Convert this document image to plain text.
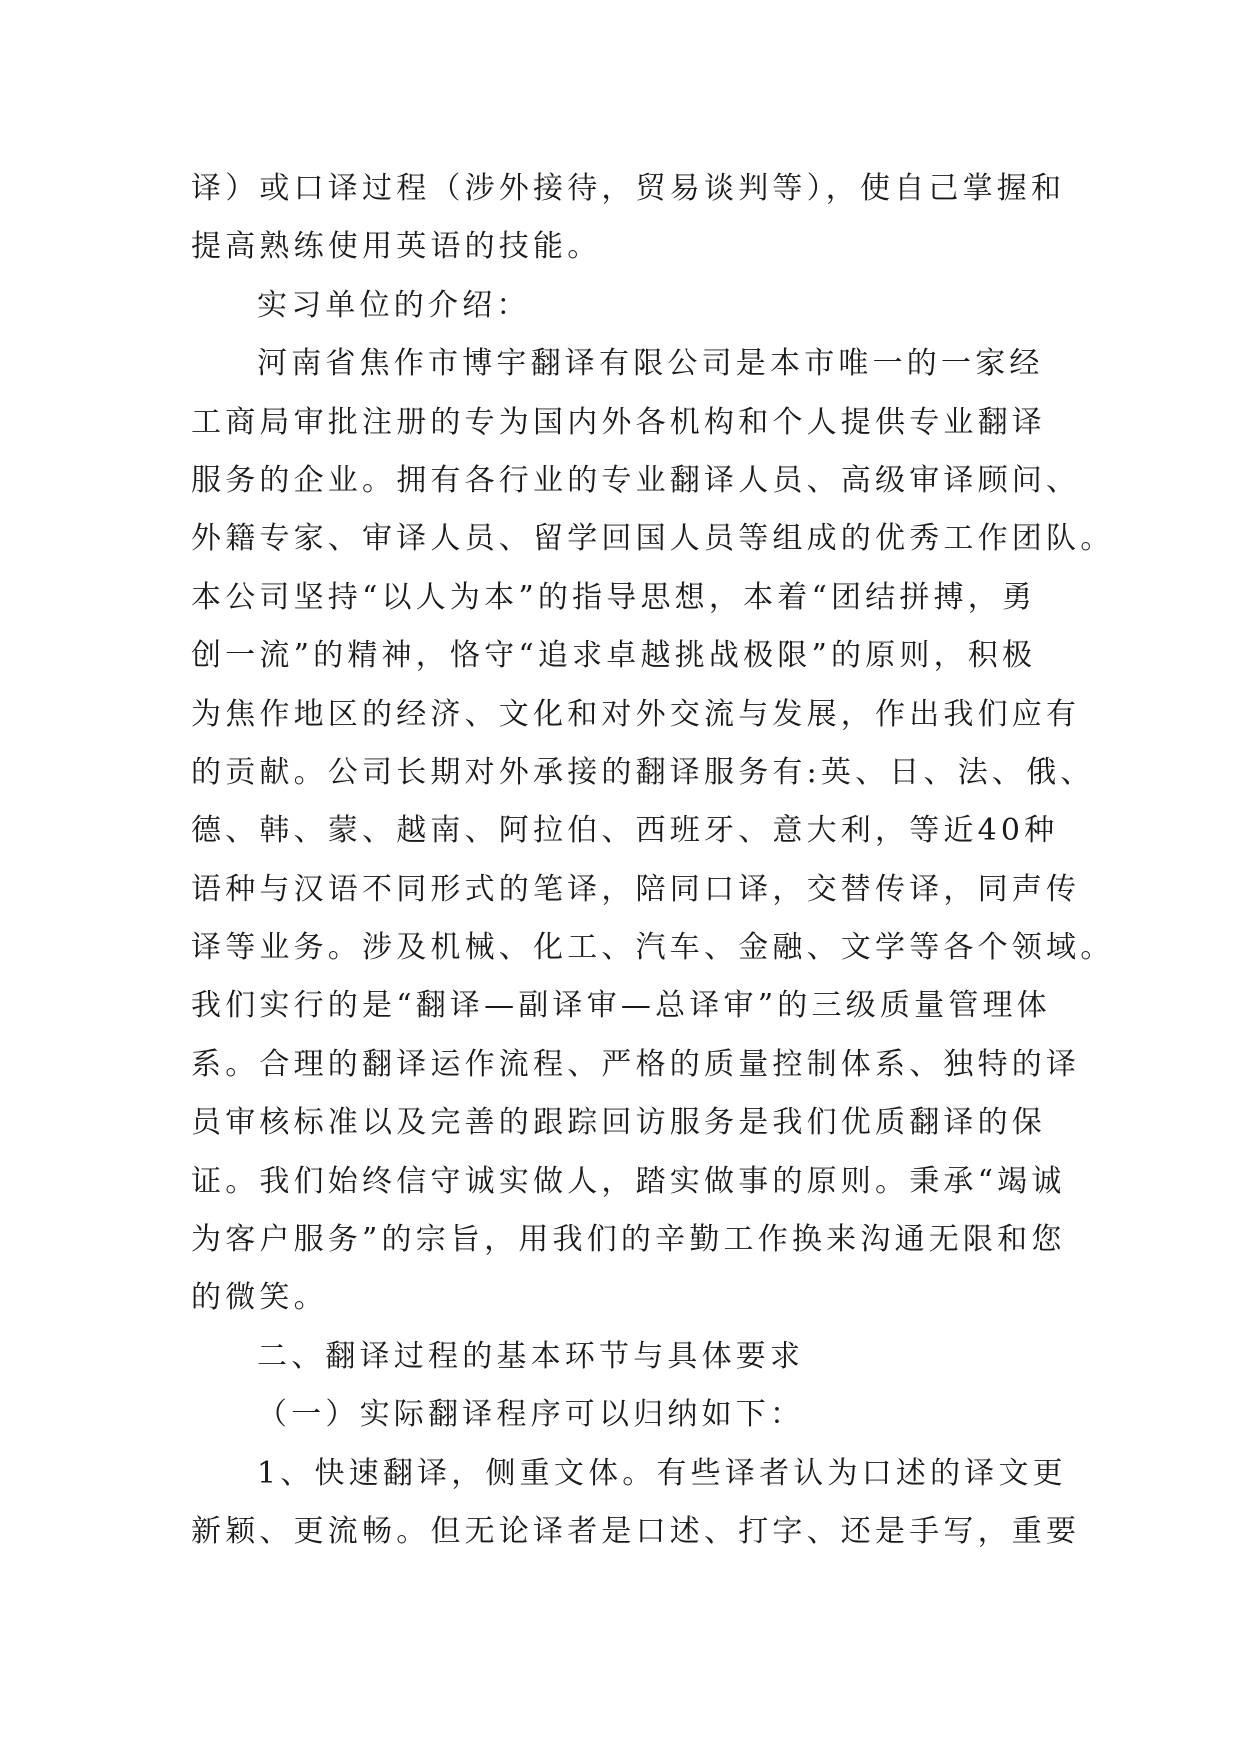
译）或口译过程（涉外接待，贸易谈判等），使自己掌握和
提高熟练使用英语的技能。
实习单位的介绍：
河南省焦作市博宇翻译有限公司是本市唯一的一家经
工商局审批注册的专为国内外各机构和个人提供专业翻译
服务的企业。拥有各行业的专业翻译人员、高级审译顾问、
外籍专家、审译人员、留学回国人员等组成的优秀工作团队。
本公司坚持“以人为本”的指导思想，本着“团结拼搏，勇
创一流”的精神，恪守“追求卓越挑战极限”的原则，积极
为焦作地区的经济、文化和对外交流与发展，作出我们应有
的贡献。公司长期对外承接的翻译服务有:英、日、法、俄、
德、韩、蒙、越南、阿拉伯、西班牙、意大利，等近40种
语种与汉语不同形式的笔译，陪同口译，交替传译，同声传
译等业务。涉及机械、化工、汽车、金融、文学等各个领域。
我们实行的是“翻译—副译审—总译审”的三级质量管理体
系。合理的翻译运作流程、严格的质量控制体系、独特的译
员审核标准以及完善的跟踪回访服务是我们优质翻译的保
证。我们始终信守诚实做人，踏实做事的原则。秉承“竭诚
为客户服务”的宗旨，用我们的辛勤工作换来沟通无限和您
的微笑。
二、翻译过程的基本环节与具体要求
（一）实际翻译程序可以归纳如下：
1、快速翻译，侧重文体。有些译者认为口述的译文更
新颖、更流畅。但无论译者是口述、打字、还是手写，重要
